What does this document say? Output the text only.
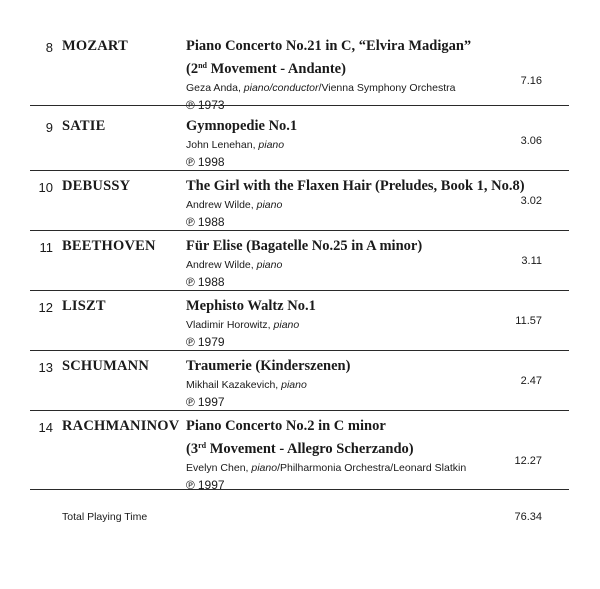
8 MOZART	Piano Concerto No.21 in C, “Elvira Madigan”
(2nd Movement - Andante)
Geza Anda, piano/conductor/Vienna Symphony Orchestra
℗ 1973
7.16
9 SATIE	Gymnopedie No.1
John Lenehan, piano
℗ 1998
3.06
10 DEBUSSY	The Girl with the Flaxen Hair (Preludes, Book 1, No.8)
Andrew Wilde, piano
℗ 1988
3.02
11 BEETHOVEN Für Elise (Bagatelle No.25 in A minor)
Andrew Wilde, piano
℗ 1988
3.11
12 LISZT	Mephisto Waltz No.1
Vladimir Horowitz, piano
℗ 1979
11.57
13 SCHUMANN	Traumerie (Kinderszenen)
Mikhail Kazakevich, piano
℗ 1997
2.47
14 RACHMANINOV Piano Concerto No.2 in C minor
(3rd Movement - Allegro Scherzando)
Evelyn Chen, piano/Philharmonia Orchestra/Leonard Slatkin
℗ 1997
12.27
Total Playing Time	76.34
